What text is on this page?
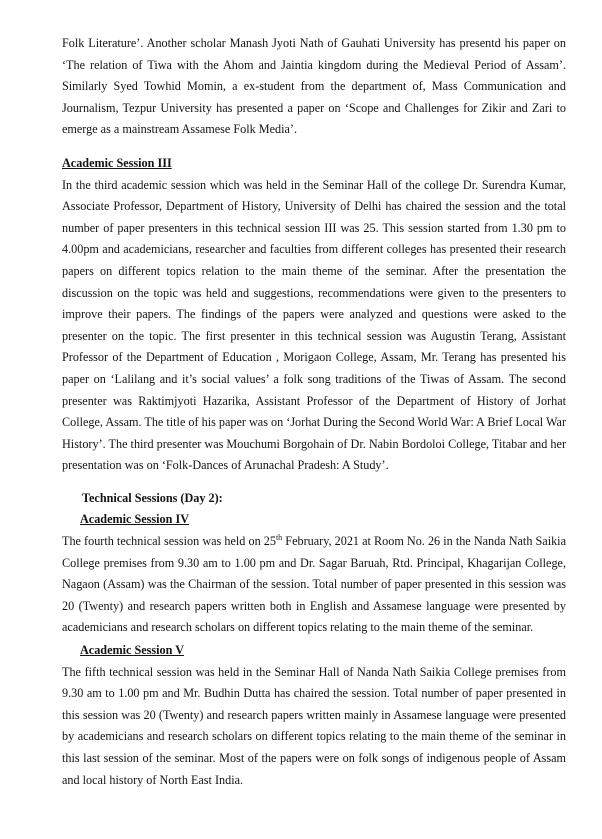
Folk Literature’. Another scholar Manash Jyoti Nath of Gauhati University has presentd his paper on ‘The relation of Tiwa with the Ahom and Jaintia kingdom during the Medieval Period of Assam’. Similarly Syed Towhid Momin, a ex-student from the department of, Mass Communication and Journalism, Tezpur University has presented a paper on ‘Scope and Challenges for Zikir and Zari to emerge as a mainstream Assamese Folk Media’.

Academic Session III

In the third academic session which was held in the Seminar Hall of the college Dr. Surendra Kumar, Associate Professor, Department of History, University of Delhi has chaired the session and the total number of paper presenters in this technical session III was 25. This session started from 1.30 pm to 4.00pm and academicians, researcher and faculties from different colleges has presented their research papers on different topics relation to the main theme of the seminar. After the presentation the discussion on the topic was held and suggestions, recommendations were given to the presenters to improve their papers. The findings of the papers were analyzed and questions were asked to the presenter on the topic. The first presenter in this technical session was Augustin Terang, Assistant Professor of the Department of Education , Morigaon College, Assam, Mr. Terang has presented his paper on ‘Lalilang and it’s social values’ a folk song traditions of the Tiwas of Assam. The second presenter was Raktimjyoti Hazarika, Assistant Professor of the Department of History of Jorhat College, Assam. The title of his paper was on ‘Jorhat During the Second World War: A Brief Local War History’. The third presenter was Mouchumi Borgohain of Dr. Nabin Bordoloi College, Titabar and her presentation was on ‘Folk-Dances of Arunachal Pradesh: A Study’.

Technical Sessions (Day 2):
Academic Session IV

The fourth technical session was held on 25th February, 2021 at Room No. 26 in the Nanda Nath Saikia College premises from 9.30 am to 1.00 pm and Dr. Sagar Baruah, Rtd. Principal, Khagarijan College, Nagaon (Assam) was the Chairman of the session. Total number of paper presented in this session was 20 (Twenty) and research papers written both in English and Assamese language were presented by academicians and research scholars on different topics relating to the main theme of the seminar.

Academic Session V

The fifth technical session was held in the Seminar Hall of Nanda Nath Saikia College premises from 9.30 am to 1.00 pm and Mr. Budhin Dutta has chaired the session. Total number of paper presented in this session was 20 (Twenty) and research papers written mainly in Assamese language were presented by academicians and research scholars on different topics relating to the main theme of the seminar in this last session of the seminar. Most of the papers were on folk songs of indigenous people of Assam and local history of North East India.
